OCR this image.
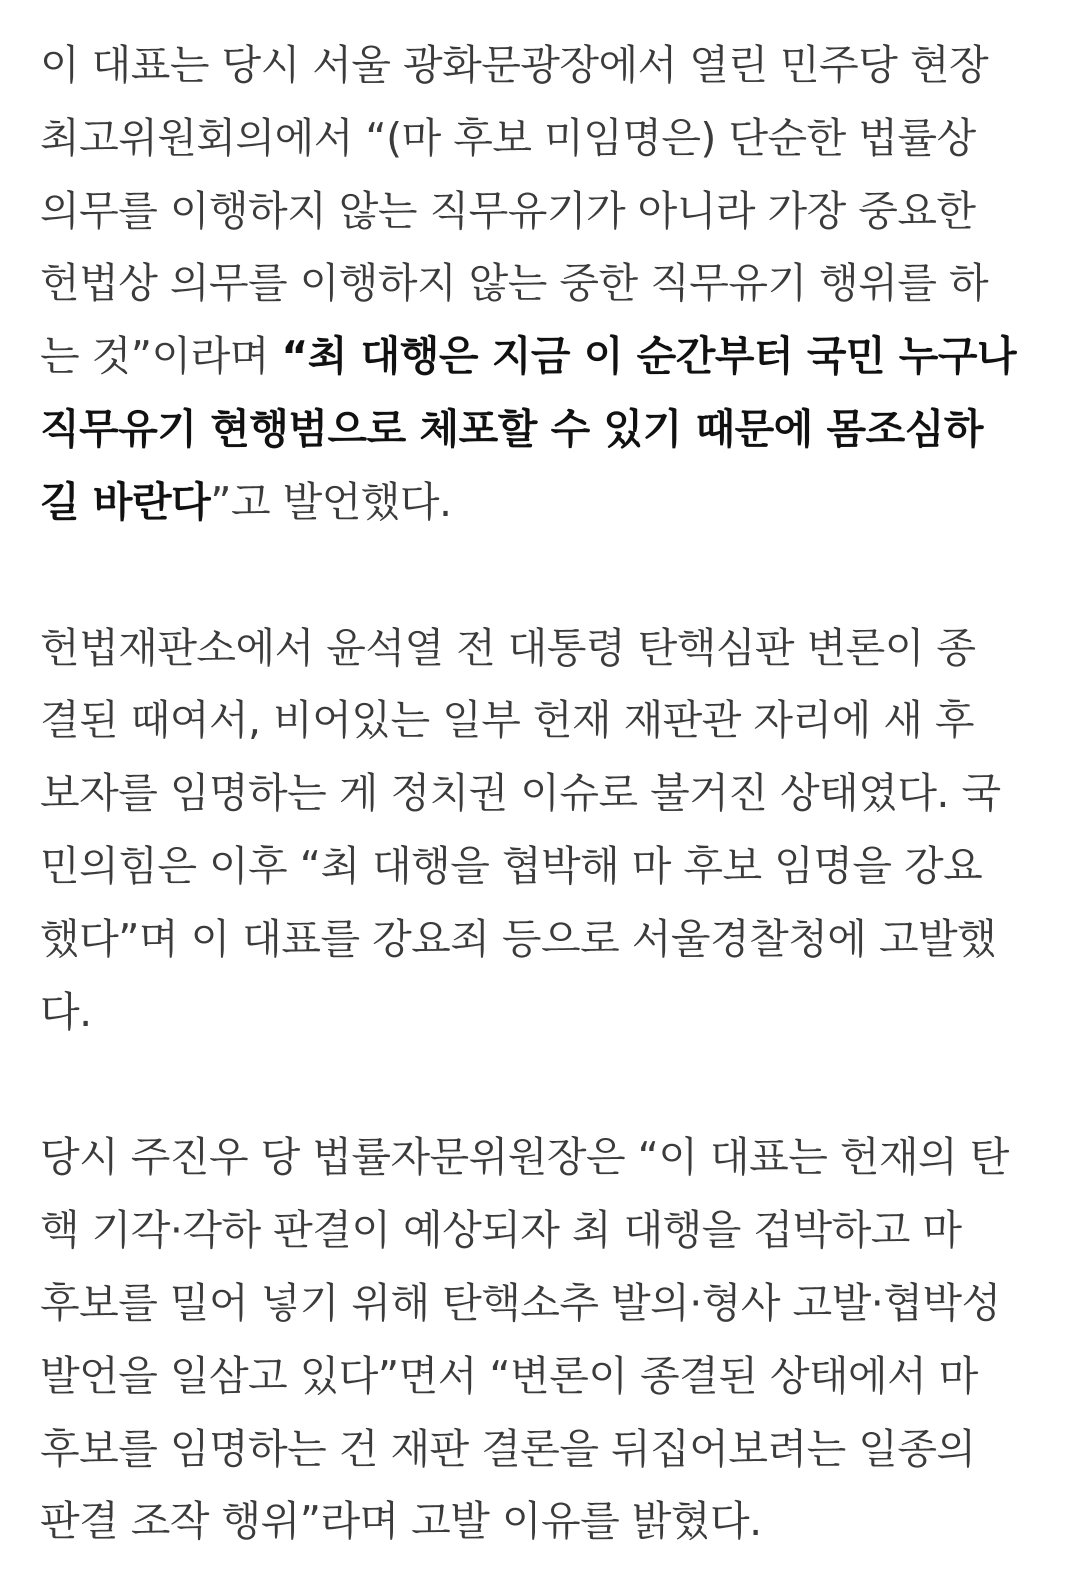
이 대표는 당시 서울 광화문광장에서 열린 민주당 현장
최고위원회의에서 “(마 후보 미임명은) 단순한 법률상
의무를 이행하지 않는 직무유기가 아니라 가장 중요한
헌법상 의무를 이행하지 않는 중한 직무유기 행위를 하
는 것”이라며 “최 대행은 지금 이 순간부터 국민 누구나
직무유기 현행범으로 체포할 수 있기 때문에 몸조심하
길 바란다”고 발언했다.

헌법재판소에서 윤석열 전 대통령 탄핵심판 변론이 종
결된 때여서, 비어있는 일부 헌재 재판관 자리에 새 후
보자를 임명하는 게 정치권 이슈로 불거진 상태였다. 국
민의힘은 이후 “최 대행을 협박해 마 후보 임명을 강요
했다”며 이 대표를 강요죄 등으로 서울경찰청에 고발했
다.

당시 주진우 당 법률자문위원장은 “이 대표는 헌재의 탄
핵 기각·각하 판결이 예상되자 최 대행을 겁박하고 마
후보를 밀어 넣기 위해 탄핵소추 발의·형사 고발·협박성
발언을 일삼고 있다”면서 “변론이 종결된 상태에서 마
후보를 임명하는 건 재판 결론을 뒤집어보려는 일종의
판결 조작 행위”라며 고발 이유를 밝혔다.
